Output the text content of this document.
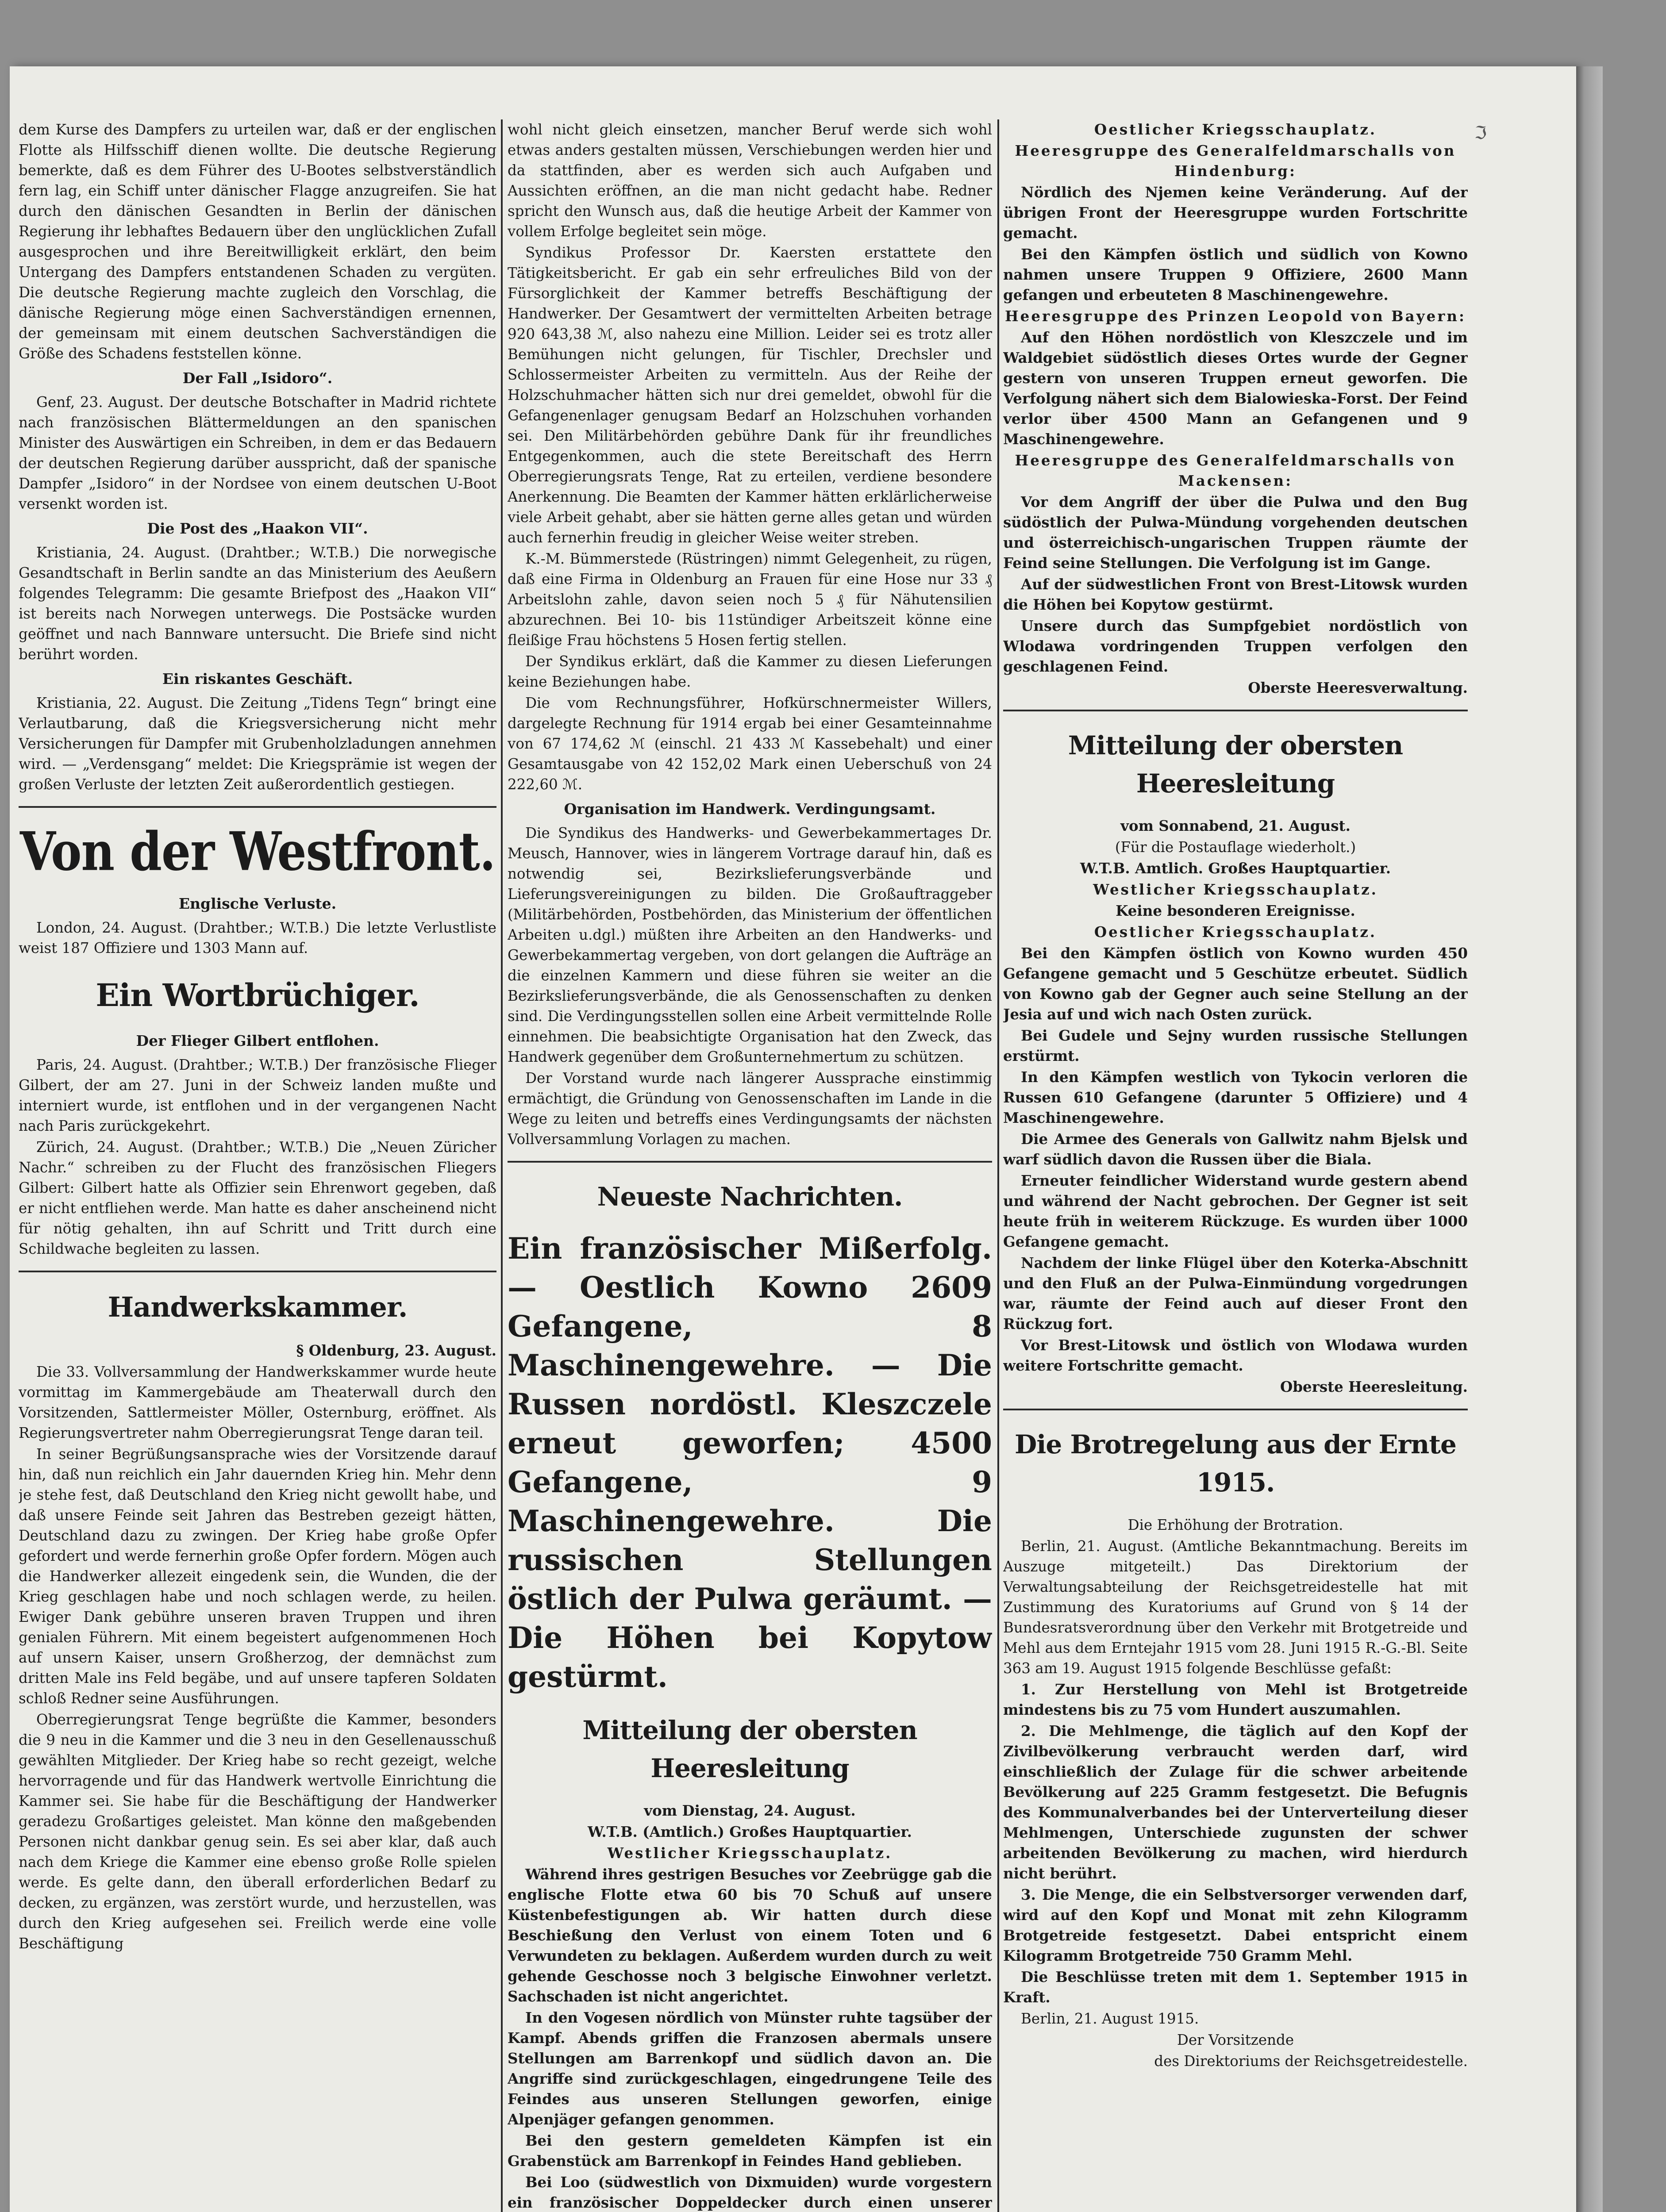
ℑ

dem Kurse des Dampfers zu urteilen war, daß er der englischen Flotte als Hilfsschiff dienen wollte. Die deutsche Regierung bemerkte, daß es dem Führer des U-Bootes selbstverständlich fern lag, ein Schiff unter dänischer Flagge anzugreifen. Sie hat durch den dänischen Gesandten in Berlin der dänischen Regierung ihr lebhaftes Bedauern über den unglücklichen Zufall ausgesprochen und ihre Bereitwilligkeit erklärt, den beim Untergang des Dampfers entstandenen Schaden zu vergüten. Die deutsche Regierung machte zugleich den Vorschlag, die dänische Regierung möge einen Sachverständigen ernennen, der gemeinsam mit einem deutschen Sachverständigen die Größe des Schadens feststellen könne.

Der Fall „Isidoro“.

Genf, 23. August. Der deutsche Botschafter in Madrid richtete nach französischen Blättermeldungen an den spanischen Minister des Auswärtigen ein Schreiben, in dem er das Bedauern der deutschen Regierung darüber ausspricht, daß der spanische Dampfer „Isidoro“ in der Nordsee von einem deutschen U-Boot versenkt worden ist.

Die Post des „Haakon VII“.

Kristiania, 24. August. (Drahtber.; W.T.B.) Die norwegische Gesandtschaft in Berlin sandte an das Ministerium des Aeußern folgendes Telegramm: Die gesamte Briefpost des „Haakon VII“ ist bereits nach Norwegen unterwegs. Die Postsäcke wurden geöffnet und nach Bannware untersucht. Die Briefe sind nicht berührt worden.

Ein riskantes Geschäft.

Kristiania, 22. August. Die Zeitung „Tidens Tegn“ bringt eine Verlautbarung, daß die Kriegsversicherung nicht mehr Versicherungen für Dampfer mit Grubenholzladungen annehmen wird. — „Verdensgang“ meldet: Die Kriegsprämie ist wegen der großen Verluste der letzten Zeit außerordentlich gestiegen.

Von der Westfront.
Englische Verluste.

London, 24. August. (Drahtber.; W.T.B.) Die letzte Verlustliste weist 187 Offiziere und 1303 Mann auf.

Ein Wortbrüchiger.
Der Flieger Gilbert entflohen.

Paris, 24. August. (Drahtber.; W.T.B.) Der französische Flieger Gilbert, der am 27. Juni in der Schweiz landen mußte und interniert wurde, ist entflohen und in der vergangenen Nacht nach Paris zurückgekehrt.

Zürich, 24. August. (Drahtber.; W.T.B.) Die „Neuen Züricher Nachr.“ schreiben zu der Flucht des französischen Fliegers Gilbert: Gilbert hatte als Offizier sein Ehrenwort gegeben, daß er nicht entfliehen werde. Man hatte es daher anscheinend nicht für nötig gehalten, ihn auf Schritt und Tritt durch eine Schildwache begleiten zu lassen.

Handwerkskammer.

§ Oldenburg, 23. August.

Die 33. Vollversammlung der Handwerkskammer wurde heute vormittag im Kammergebäude am Theaterwall durch den Vorsitzenden, Sattlermeister Möller, Osternburg, eröffnet. Als Regierungsvertreter nahm Oberregierungsrat Tenge daran teil.

In seiner Begrüßungsansprache wies der Vorsitzende darauf hin, daß nun reichlich ein Jahr dauernden Krieg hin. Mehr denn je stehe fest, daß Deutschland den Krieg nicht gewollt habe, und daß unsere Feinde seit Jahren das Bestreben gezeigt hätten, Deutschland dazu zu zwingen. Der Krieg habe große Opfer gefordert und werde fernerhin große Opfer fordern. Mögen auch die Handwerker allezeit eingedenk sein, die Wunden, die der Krieg geschlagen habe und noch schlagen werde, zu heilen. Ewiger Dank gebühre unseren braven Truppen und ihren genialen Führern. Mit einem begeistert aufgenommenen Hoch auf unsern Kaiser, unsern Großherzog, der demnächst zum dritten Male ins Feld begäbe, und auf unsere tapferen Soldaten schloß Redner seine Ausführungen.

Oberregierungsrat Tenge begrüßte die Kammer, besonders die 9 neu in die Kammer und die 3 neu in den Gesellenausschuß gewählten Mitglieder. Der Krieg habe so recht gezeigt, welche hervorragende und für das Handwerk wertvolle Einrichtung die Kammer sei. Sie habe für die Beschäftigung der Handwerker geradezu Großartiges geleistet. Man könne den maßgebenden Personen nicht dankbar genug sein. Es sei aber klar, daß auch nach dem Kriege die Kammer eine ebenso große Rolle spielen werde. Es gelte dann, den überall erforderlichen Bedarf zu decken, zu ergänzen, was zerstört wurde, und herzustellen, was durch den Krieg aufgesehen sei. Freilich werde eine volle Beschäftigung

wohl nicht gleich einsetzen, mancher Beruf werde sich wohl etwas anders gestalten müssen, Verschiebungen werden hier und da stattfinden, aber es werden sich auch Aufgaben und Aussichten eröffnen, an die man nicht gedacht habe. Redner spricht den Wunsch aus, daß die heutige Arbeit der Kammer von vollem Erfolge begleitet sein möge.

Syndikus Professor Dr. Kaersten erstattete den Tätigkeitsbericht. Er gab ein sehr erfreuliches Bild von der Fürsorglichkeit der Kammer betreffs Beschäftigung der Handwerker. Der Gesamtwert der vermittelten Arbeiten betrage 920 643,38 ℳ, also nahezu eine Million. Leider sei es trotz aller Bemühungen nicht gelungen, für Tischler, Drechsler und Schlossermeister Arbeiten zu vermitteln. Aus der Reihe der Holzschuhmacher hätten sich nur drei gemeldet, obwohl für die Gefangenenlager genugsam Bedarf an Holzschuhen vorhanden sei. Den Militärbehörden gebühre Dank für ihr freundliches Entgegenkommen, auch die stete Bereitschaft des Herrn Oberregierungsrats Tenge, Rat zu erteilen, verdiene besondere Anerkennung. Die Beamten der Kammer hätten erklärlicherweise viele Arbeit gehabt, aber sie hätten gerne alles getan und würden auch fernerhin freudig in gleicher Weise weiter streben.

K.-M. Bümmerstede (Rüstringen) nimmt Gelegenheit, zu rügen, daß eine Firma in Oldenburg an Frauen für eine Hose nur 33 ₰ Arbeitslohn zahle, davon seien noch 5 ₰ für Nähutensilien abzurechnen. Bei 10- bis 11stündiger Arbeitszeit könne eine fleißige Frau höchstens 5 Hosen fertig stellen.

Der Syndikus erklärt, daß die Kammer zu diesen Lieferungen keine Beziehungen habe.

Die vom Rechnungsführer, Hofkürschnermeister Willers, dargelegte Rechnung für 1914 ergab bei einer Gesamteinnahme von 67 174,62 ℳ (einschl. 21 433 ℳ Kassebehalt) und einer Gesamtausgabe von 42 152,02 Mark einen Ueberschuß von 24 222,60 ℳ.

Organisation im Handwerk. Verdingungsamt.

Die Syndikus des Handwerks- und Gewerbekammertages Dr. Meusch, Hannover, wies in längerem Vortrage darauf hin, daß es notwendig sei, Bezirkslieferungsverbände und Lieferungsvereinigungen zu bilden. Die Großauftraggeber (Militärbehörden, Postbehörden, das Ministerium der öffentlichen Arbeiten u.dgl.) müßten ihre Arbeiten an den Handwerks- und Gewerbekammertag vergeben, von dort gelangen die Aufträge an die einzelnen Kammern und diese führen sie weiter an die Bezirkslieferungsverbände, die als Genossenschaften zu denken sind. Die Verdingungsstellen sollen eine Arbeit vermittelnde Rolle einnehmen. Die beabsichtigte Organisation hat den Zweck, das Handwerk gegenüber dem Großunternehmertum zu schützen.

Der Vorstand wurde nach längerer Aussprache einstimmig ermächtigt, die Gründung von Genossenschaften im Lande in die Wege zu leiten und betreffs eines Verdingungsamts der nächsten Vollversammlung Vorlagen zu machen.

Neueste Nachrichten.
Ein französischer Mißerfolg. — Oestlich Kowno 2609 Gefangene, 8 Maschinengewehre. — Die Russen nordöstl. Kleszczele erneut geworfen; 4500 Gefangene, 9 Maschinengewehre. Die russischen Stellungen östlich der Pulwa geräumt. — Die Höhen bei Kopytow gestürmt.
Mitteilung der obersten Heeresleitung

vom Dienstag, 24. August.

W.T.B. (Amtlich.) Großes Hauptquartier.

Westlicher Kriegsschauplatz.

Während ihres gestrigen Besuches vor Zeebrügge gab die englische Flotte etwa 60 bis 70 Schuß auf unsere Küstenbefestigungen ab. Wir hatten durch diese Beschießung den Verlust von einem Toten und 6 Verwundeten zu beklagen. Außerdem wurden durch zu weit gehende Geschosse noch 3 belgische Einwohner verletzt. Sachschaden ist nicht angerichtet.

In den Vogesen nördlich von Münster ruhte tagsüber der Kampf. Abends griffen die Franzosen abermals unsere Stellungen am Barrenkopf und südlich davon an. Die Angriffe sind zurückgeschlagen, eingedrungene Teile des Feindes aus unseren Stellungen geworfen, einige Alpenjäger gefangen genommen.

Bei den gestern gemeldeten Kämpfen ist ein Grabenstück am Barrenkopf in Feindes Hand geblieben.

Bei Loo (südwestlich von Dixmuiden) wurde vorgestern ein französischer Doppeldecker durch einen unserer

Oestlicher Kriegsschauplatz.

Heeresgruppe des Generalfeldmarschalls von Hindenburg:

Nördlich des Njemen keine Veränderung. Auf der übrigen Front der Heeresgruppe wurden Fortschritte gemacht.

Bei den Kämpfen östlich und südlich von Kowno nahmen unsere Truppen 9 Offiziere, 2600 Mann gefangen und erbeuteten 8 Maschinengewehre.

Heeresgruppe des Prinzen Leopold von Bayern:

Auf den Höhen nordöstlich von Kleszczele und im Waldgebiet südöstlich dieses Ortes wurde der Gegner gestern von unseren Truppen erneut geworfen. Die Verfolgung nähert sich dem Bialowieska-Forst. Der Feind verlor über 4500 Mann an Gefangenen und 9 Maschinengewehre.

Heeresgruppe des Generalfeldmarschalls von Mackensen:

Vor dem Angriff der über die Pulwa und den Bug südöstlich der Pulwa-Mündung vorgehenden deutschen und österreichisch-ungarischen Truppen räumte der Feind seine Stellungen. Die Verfolgung ist im Gange.

Auf der südwestlichen Front von Brest-Litowsk wurden die Höhen bei Kopytow gestürmt.

Unsere durch das Sumpfgebiet nordöstlich von Wlodawa vordringenden Truppen verfolgen den geschlagenen Feind.

Oberste Heeresverwaltung.

Mitteilung der obersten Heeresleitung

vom Sonnabend, 21. August.

(Für die Postauflage wiederholt.)

W.T.B. Amtlich. Großes Hauptquartier.

Westlicher Kriegsschauplatz.

Keine besonderen Ereignisse.

Oestlicher Kriegsschauplatz.

Bei den Kämpfen östlich von Kowno wurden 450 Gefangene gemacht und 5 Geschütze erbeutet. Südlich von Kowno gab der Gegner auch seine Stellung an der Jesia auf und wich nach Osten zurück.

Bei Gudele und Sejny wurden russische Stellungen erstürmt.

In den Kämpfen westlich von Tykocin verloren die Russen 610 Gefangene (darunter 5 Offiziere) und 4 Maschinengewehre.

Die Armee des Generals von Gallwitz nahm Bjelsk und warf südlich davon die Russen über die Biala.

Erneuter feindlicher Widerstand wurde gestern abend und während der Nacht gebrochen. Der Gegner ist seit heute früh in weiterem Rückzuge. Es wurden über 1000 Gefangene gemacht.

Nachdem der linke Flügel über den Koterka-Abschnitt und den Fluß an der Pulwa-Einmündung vorgedrungen war, räumte der Feind auch auf dieser Front den Rückzug fort.

Vor Brest-Litowsk und östlich von Wlodawa wurden weitere Fortschritte gemacht.

Oberste Heeresleitung.

Die Brotregelung aus der Ernte 1915.

Die Erhöhung der Brotration.

Berlin, 21. August. (Amtliche Bekanntmachung. Bereits im Auszuge mitgeteilt.) Das Direktorium der Verwaltungsabteilung der Reichsgetreidestelle hat mit Zustimmung des Kuratoriums auf Grund von § 14 der Bundesratsverordnung über den Verkehr mit Brotgetreide und Mehl aus dem Erntejahr 1915 vom 28. Juni 1915 R.-G.-Bl. Seite 363 am 19. August 1915 folgende Beschlüsse gefaßt:

1. Zur Herstellung von Mehl ist Brotgetreide mindestens bis zu 75 vom Hundert auszumahlen.

2. Die Mehlmenge, die täglich auf den Kopf der Zivilbevölkerung verbraucht werden darf, wird einschließlich der Zulage für die schwer arbeitende Bevölkerung auf 225 Gramm festgesetzt. Die Befugnis des Kommunalverbandes bei der Unterverteilung dieser Mehlmengen, Unterschiede zugunsten der schwer arbeitenden Bevölkerung zu machen, wird hierdurch nicht berührt.

3. Die Menge, die ein Selbstversorger verwenden darf, wird auf den Kopf und Monat mit zehn Kilogramm Brotgetreide festgesetzt. Dabei entspricht einem Kilogramm Brotgetreide 750 Gramm Mehl.

Die Beschlüsse treten mit dem 1. September 1915 in Kraft.

Berlin, 21. August 1915.

Der Vorsitzende

des Direktoriums der Reichsgetreidestelle.
